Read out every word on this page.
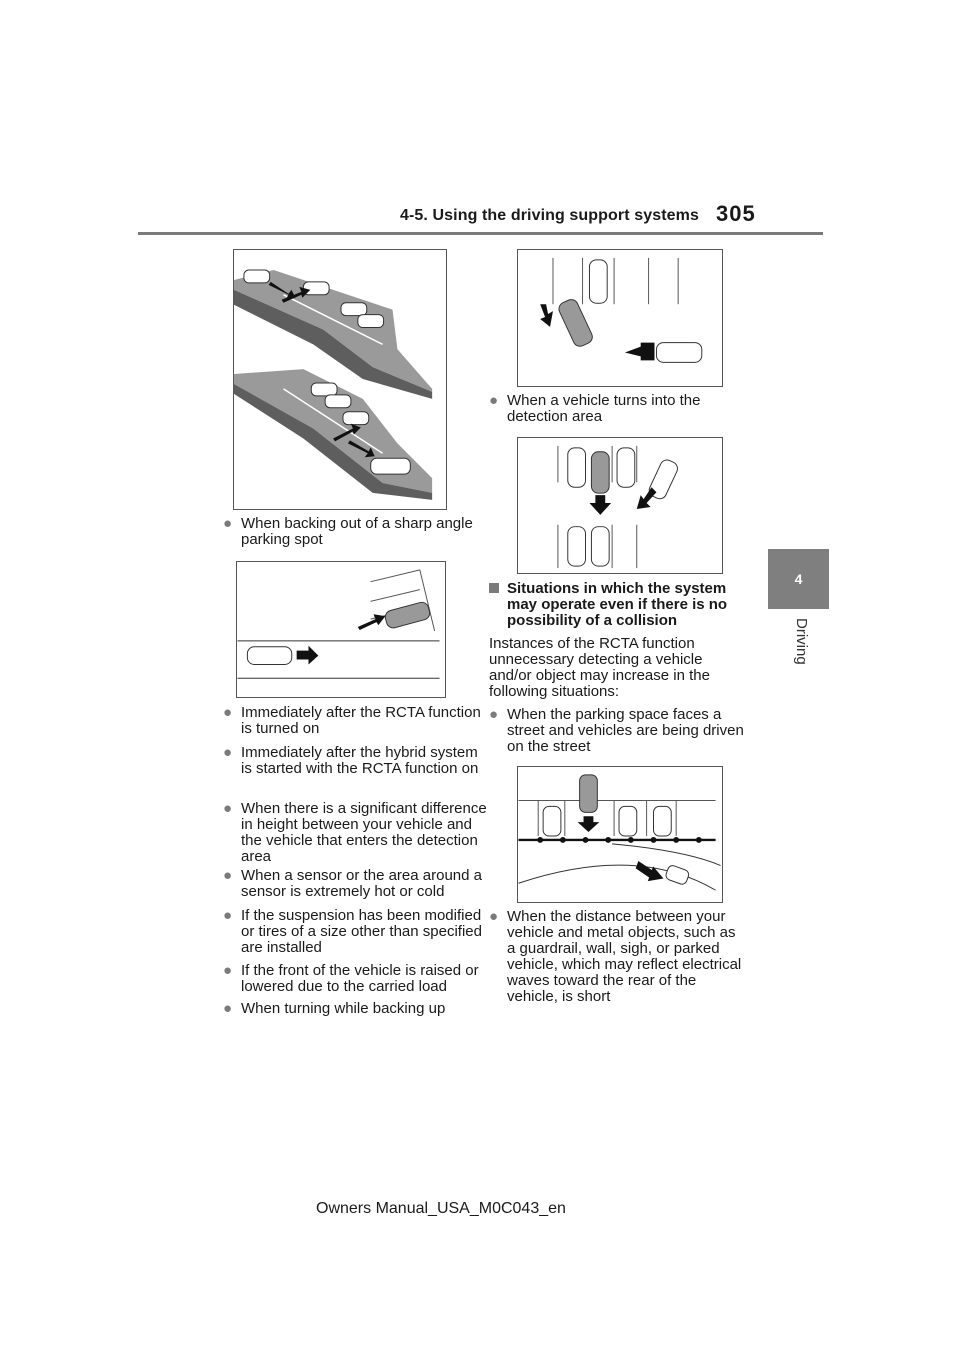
4-5. Using the driving support systems 305
4
Driving
● When backing out of a sharp angle parking spot
● Immediately after the RCTA function is turned on
● Immediately after the hybrid system is started with the RCTA function on
● When there is a significant difference in height between your vehicle and the vehicle that enters the detection area
● When a sensor or the area around a sensor is extremely hot or cold
● If the suspension has been modified or tires of a size other than specified are installed
● If the front of the vehicle is raised or lowered due to the carried load
● When turning while backing up
● When a vehicle turns into the detection area
Situations in which the system may operate even if there is no possibility of a collision
Instances of the RCTA function unnecessary detecting a vehicle and/or object may increase in the following situations:
● When the parking space faces a street and vehicles are being driven on the street
● When the distance between your vehicle and metal objects, such as a guardrail, wall, sigh, or parked vehicle, which may reflect electrical waves toward the rear of the vehicle, is short
Owners Manual_USA_M0C043_en
